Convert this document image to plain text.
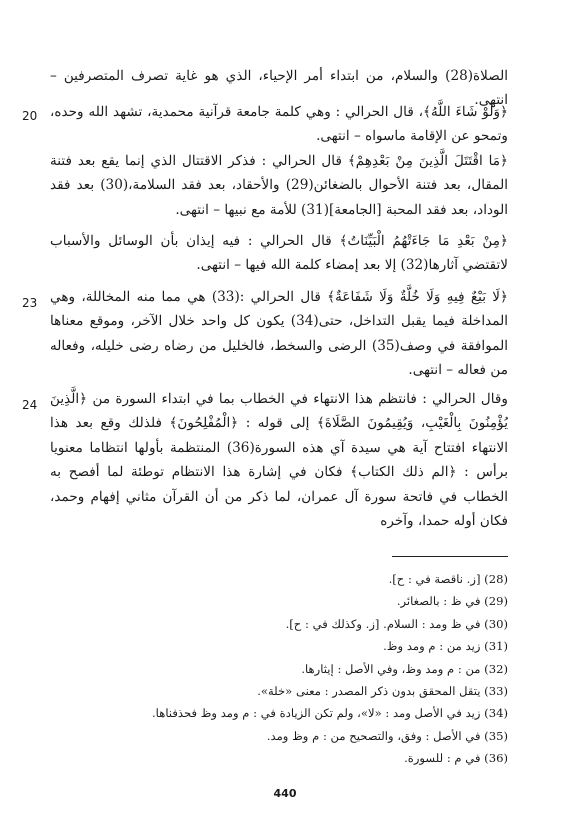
الصلاة(28) والسلام، من ابتداء أمر الإحياء، الذي هو غاية تصرف المتصرفين – انتهى.
20 ﴿وَلَوْ شَاءَ اللَّهُ﴾، قال الحرالي : وهي كلمة جامعة قرآنية محمدية، تشهد الله وحده، وتمحو عن الإقامة ماسواه – انتهى.
﴿مَا اقْتَتَلَ الَّذِينَ مِنْ بَعْدِهِمْ﴾ قال الحرالي : فذكر الاقتتال الذي إنما يقع بعد فتنة المقال، بعد فتنة الأحوال بالضغائن(29) والأحقاد، بعد فقد السلامة،(30) بعد فقد الوداد، بعد فقد المحبة [الجامعة](31) للأمة مع نبيها – انتهى.
﴿مِنْ بَعْدِ مَا جَاءَتْهُمُ الْبَيِّنَاتُ﴾ قال الحرالي : فيه إيذان بأن الوسائل والأسباب لاتقتضي آثارها(32) إلا بعد إمضاء كلمة الله فيها – انتهى.
23 ﴿لَا بَيْعٌ فِيهِ وَلَا خُلَّةٌ وَلَا شَفَاعَةٌ﴾ قال الحرالي :(33) هي مما منه المخاللة، وهي المداخلة فيما يقبل التداخل، حتى(34) يكون كل واحد خلال الآخر، وموقع معناها الموافقة في وصف(35) الرضى والسخط، فالخليل من رضاه رضى خليله، وفعاله من فعاله – انتهى.
24 وقال الحرالي : فانتظم هذا الانتهاء في الخطاب بما في ابتداء السورة من ﴿الَّذِينَ يُؤْمِنُونَ بِالْغَيْبِ، وَيُقِيمُونَ الصَّلَاةَ﴾ إلى قوله : ﴿الْمُفْلِحُونَ﴾ فلذلك وقع بعد هذا الانتهاء افتتاح آية هي سيدة آي هذه السورة(36) المنتظمة بأولها انتظاما معنويا برأس : ﴿الم ذلك الكتاب﴾ فكان في إشارة هذا الانتظام توطئة لما أفصح به الخطاب في فاتحة سورة آل عمران، لما ذكر من أن القرآن مثاني إفهام وحمد، فكان أوله حمدا، وآخره
(28) [ز. ناقصة في : ح].
(29) في ظ : بالصغائر.
(30) في ظ ومد : السلام. [ز. وكذلك في : ح].
(31) زيد من : م ومد وظ.
(32) من : م ومد وظ، وفي الأصل : إيثارها.
(33) يتقل المحقق بدون ذكر المصدر : معنى «خلة».
(34) زيد في الأصل ومد : «لا»، ولم تكن الزيادة في : م ومد وظ فحذفناها.
(35) في الأصل : وفق، والتصحيح من : م وظ ومد.
(36) في م : للسورة.
440
